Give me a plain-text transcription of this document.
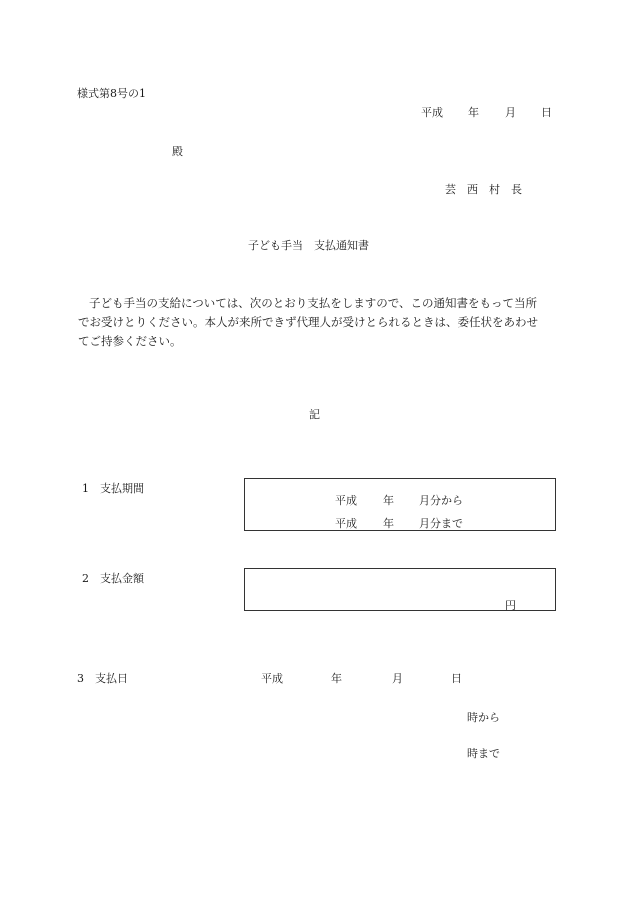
様式第8号の1
平成 年 月 日
殿
芸　西　村　長
子ども手当　支払通知書
子ども手当の支給については、次のとおり支払をしますので、この通知書をもって当所
でお受けとりください。本人が来所できず代理人が受けとられるときは、委任状をあわせ
てご持参ください。
記
1　支払期間
平成 年 月分から
平成 年 月分まで
2　支払金額
円
3　支払日	平成	年	月	日
時から
時まで
